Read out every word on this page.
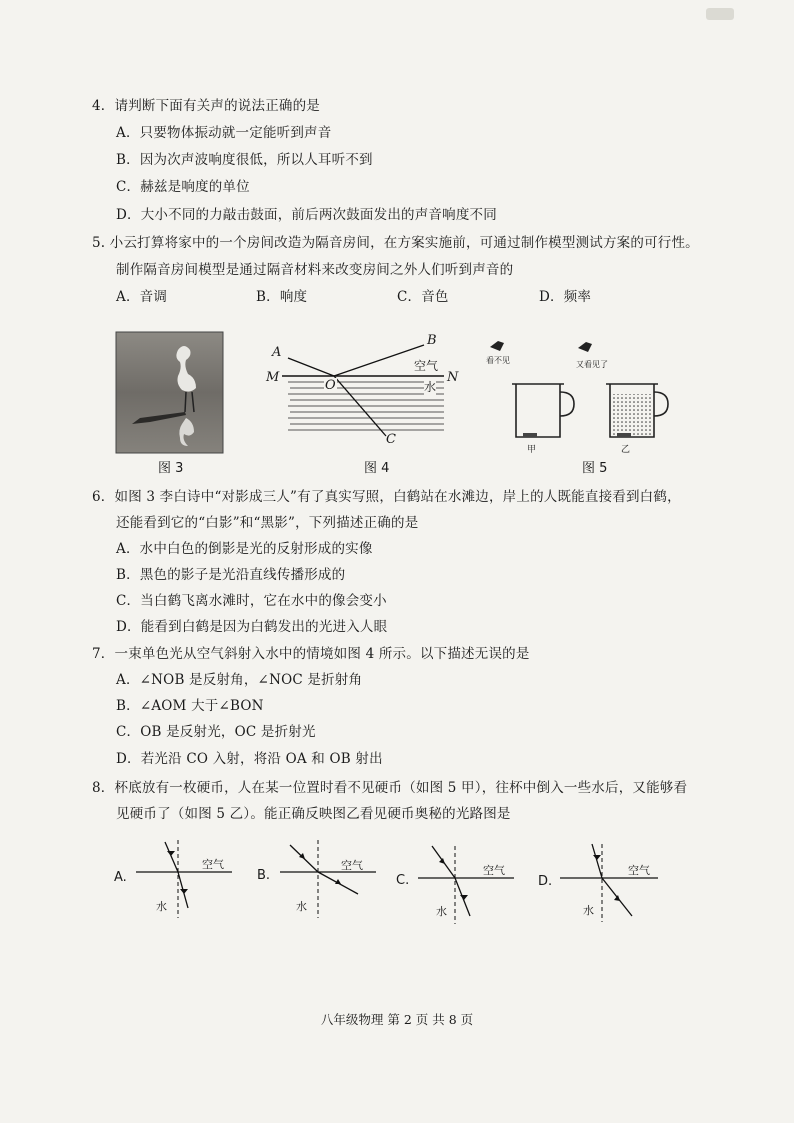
4．请判断下面有关声的说法正确的是
A．只要物体振动就一定能听到声音
B．因为次声波响度很低，所以人耳听不到
C．赫兹是响度的单位
D．大小不同的力敲击鼓面，前后两次鼓面发出的声音响度不同
5. 小云打算将家中的一个房间改造为隔音房间，在方案实施前，可通过制作模型测试方案的可行性。
制作隔音房间模型是通过隔音材料来改变房间之外人们听到声音的
A．音调	B．响度	C．音色	D．频率
A
B
C
M	N
O
空气
水
看不见	又看见了
甲	乙
图 3	图 4	图 5
6．如图 3 李白诗中“对影成三人”有了真实写照，白鹤站在水滩边，岸上的人既能直接看到白鹤，
还能看到它的“白影”和“黑影”，下列描述正确的是
A．水中白色的倒影是光的反射形成的实像
B．黑色的影子是光沿直线传播形成的
C．当白鹤飞离水滩时，它在水中的像会变小
D．能看到白鹤是因为白鹤发出的光进入人眼
7．一束单色光从空气斜射入水中的情境如图 4 所示。以下描述无误的是
A．∠NOB 是反射角，∠NOC 是折射角
B．∠AOM 大于∠BON
C．OB 是反射光，OC 是折射光
D．若光沿 CO 入射，将沿 OA 和 OB 射出
8．杯底放有一枚硬币，人在某一位置时看不见硬币（如图 5 甲），往杯中倒入一些水后，又能够看
见硬币了（如图 5 乙）。能正确反映图乙看见硬币奥秘的光路图是
A.	B.	C.	D.
空气
水
空气
水
空气
水
空气
水
八年级物理 第 2 页 共 8 页
